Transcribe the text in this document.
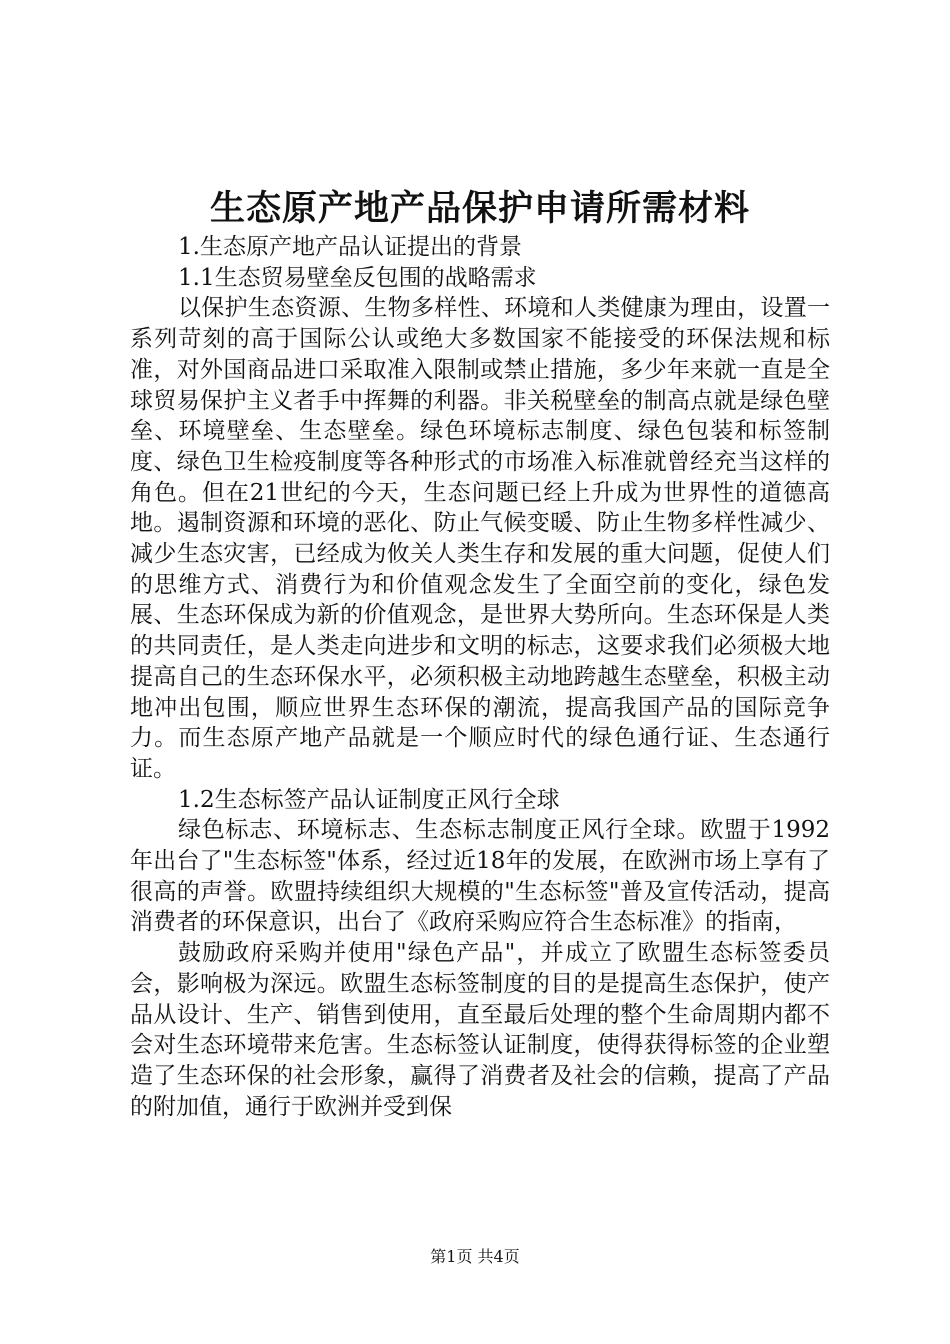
生态原产地产品保护申请所需材料

1.生态原产地产品认证提出的背景

1.1生态贸易壁垒反包围的战略需求

以保护生态资源、生物多样性、环境和人类健康为理由，设置一系列苛刻的高于国际公认或绝大多数国家不能接受的环保法规和标准，对外国商品进口采取准入限制或禁止措施，多少年来就一直是全球贸易保护主义者手中挥舞的利器。非关税壁垒的制高点就是绿色壁垒、环境壁垒、生态壁垒。绿色环境标志制度、绿色包装和标签制度、绿色卫生检疫制度等各种形式的市场准入标准就曾经充当这样的角色。但在21世纪的今天，生态问题已经上升成为世界性的道德高地。遏制资源和环境的恶化、防止气候变暖、防止生物多样性减少、减少生态灾害，已经成为攸关人类生存和发展的重大问题，促使人们的思维方式、消费行为和价值观念发生了全面空前的变化，绿色发展、生态环保成为新的价值观念，是世界大势所向。生态环保是人类的共同责任，是人类走向进步和文明的标志，这要求我们必须极大地提高自己的生态环保水平，必须积极主动地跨越生态壁垒，积极主动地冲出包围，顺应世界生态环保的潮流，提高我国产品的国际竞争力。而生态原产地产品就是一个顺应时代的绿色通行证、生态通行证。

1.2生态标签产品认证制度正风行全球

绿色标志、环境标志、生态标志制度正风行全球。欧盟于1992年出台了"生态标签"体系，经过近18年的发展，在欧洲市场上享有了很高的声誉。欧盟持续组织大规模的"生态标签"普及宣传活动，提高消费者的环保意识，出台了《政府采购应符合生态标准》的指南，

鼓励政府采购并使用"绿色产品"，并成立了欧盟生态标签委员会，影响极为深远。欧盟生态标签制度的目的是提高生态保护，使产品从设计、生产、销售到使用，直至最后处理的整个生命周期内都不会对生态环境带来危害。生态标签认证制度，使得获得标签的企业塑造了生态环保的社会形象，赢得了消费者及社会的信赖，提高了产品的附加值，通行于欧洲并受到保

第1页 共4页
